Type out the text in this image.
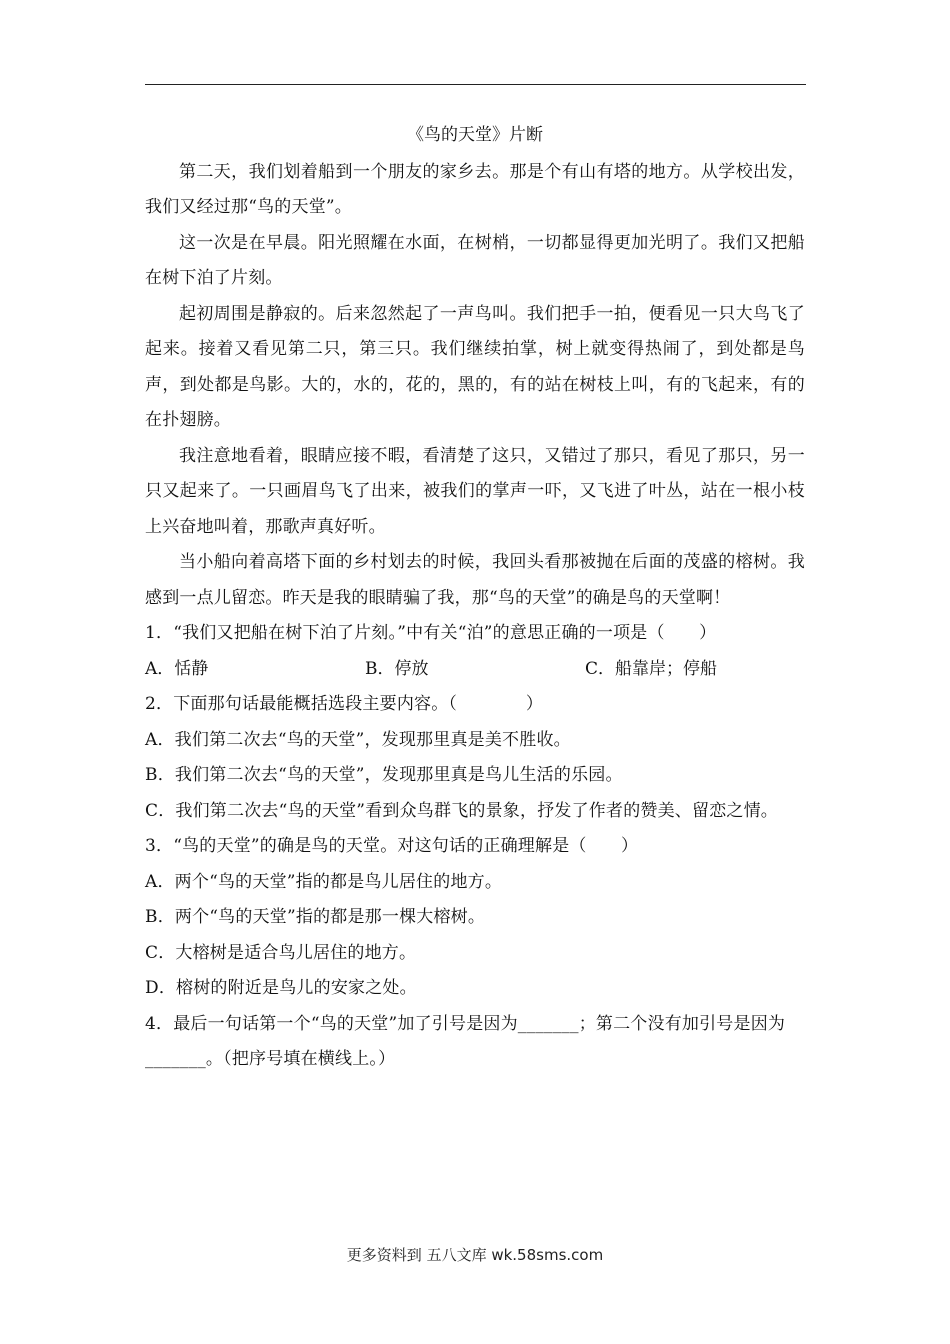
《鸟的天堂》片断

第二天，我们划着船到一个朋友的家乡去。那是个有山有塔的地方。从学校出发，我们又经过那“鸟的天堂”。

这一次是在早晨。阳光照耀在水面，在树梢，一切都显得更加光明了。我们又把船在树下泊了片刻。

起初周围是静寂的。后来忽然起了一声鸟叫。我们把手一拍，便看见一只大鸟飞了起来。接着又看见第二只，第三只。我们继续拍掌，树上就变得热闹了，到处都是鸟声，到处都是鸟影。大的，水的，花的，黑的，有的站在树枝上叫，有的飞起来，有的在扑翅膀。

我注意地看着，眼睛应接不暇，看清楚了这只，又错过了那只，看见了那只，另一只又起来了。一只画眉鸟飞了出来，被我们的掌声一吓，又飞进了叶丛，站在一根小枝上兴奋地叫着，那歌声真好听。

当小船向着高塔下面的乡村划去的时候，我回头看那被抛在后面的茂盛的榕树。我感到一点儿留恋。昨天是我的眼睛骗了我，那“鸟的天堂”的确是鸟的天堂啊！

1．“我们又把船在树下泊了片刻。”中有关“泊”的意思正确的一项是（　　）

A．恬静	B．停放	C．船靠岸；停船

2．下面那句话最能概括选段主要内容。（　　　　）

A．我们第二次去“鸟的天堂”，发现那里真是美不胜收。

B．我们第二次去“鸟的天堂”，发现那里真是鸟儿生活的乐园。

C．我们第二次去“鸟的天堂”看到众鸟群飞的景象，抒发了作者的赞美、留恋之情。

3．“鸟的天堂”的确是鸟的天堂。对这句话的正确理解是（　　）

A．两个“鸟的天堂”指的都是鸟儿居住的地方。

B．两个“鸟的天堂”指的都是那一棵大榕树。

C．大榕树是适合鸟儿居住的地方。

D．榕树的附近是鸟儿的安家之处。

4．最后一句话第一个“鸟的天堂”加了引号是因为_______；第二个没有加引号是因为_______。（把序号填在横线上。）

更多资料到 五八文库 wk.58sms.com
